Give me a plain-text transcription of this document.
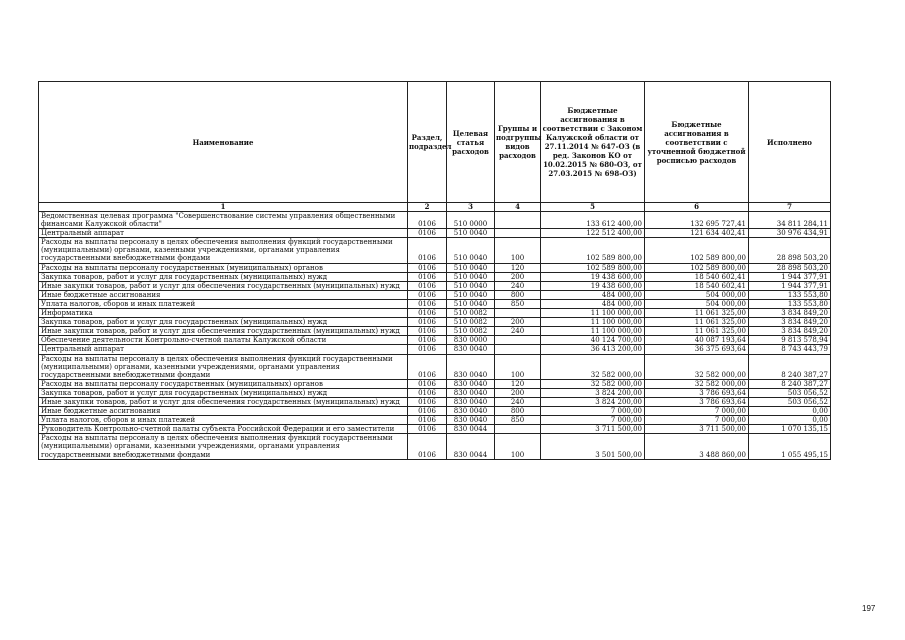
Наименование	Раздел, подраздел	Целевая статья расходов	Группы и подгруппы видов расходов	Бюджетные ассигнования в соответствии с Законом Калужской области от 27.11.2014 № 647-ОЗ (в ред. Законов КО от 10.02.2015 № 680-ОЗ, от 27.03.2015 № 698-ОЗ)	Бюджетные ассигнования в соответствии с уточненной бюджетной росписью расходов	Исполнено
1	2	3	4	5	6	7
Ведомственная целевая программа "Совершенствование системы управления общественными финансами Калужской области"	0106	510 0000		133 612 400,00	132 695 727,41	34 811 284,11
Центральный аппарат	0106	510 0040		122 512 400,00	121 634 402,41	30 976 434,91
Расходы на выплаты персоналу в целях обеспечения выполнения функций государственными (муниципальными) органами, казенными учреждениями, органами управления государственными внебюджетными фондами	0106	510 0040	100	102 589 800,00	102 589 800,00	28 898 503,20
Расходы на выплаты персоналу государственных (муниципальных) органов	0106	510 0040	120	102 589 800,00	102 589 800,00	28 898 503,20
Закупка товаров, работ и услуг для государственных (муниципальных) нужд	0106	510 0040	200	19 438 600,00	18 540 602,41	1 944 377,91
Иные закупки товаров, работ и услуг для обеспечения государственных (муниципальных) нужд	0106	510 0040	240	19 438 600,00	18 540 602,41	1 944 377,91
Иные бюджетные ассигнования	0106	510 0040	800	484 000,00	504 000,00	133 553,80
Уплата налогов, сборов и иных платежей	0106	510 0040	850	484 000,00	504 000,00	133 553,80
Информатика	0106	510 0082		11 100 000,00	11 061 325,00	3 834 849,20
Закупка товаров, работ и услуг для государственных (муниципальных) нужд	0106	510 0082	200	11 100 000,00	11 061 325,00	3 834 849,20
Иные закупки товаров, работ и услуг для обеспечения государственных (муниципальных) нужд	0106	510 0082	240	11 100 000,00	11 061 325,00	3 834 849,20
Обеспечение деятельности Контрольно-счетной палаты Калужской области	0106	830 0000		40 124 700,00	40 087 193,64	9 813 578,94
Центральный аппарат	0106	830 0040		36 413 200,00	36 375 693,64	8 743 443,79
Расходы на выплаты персоналу в целях обеспечения выполнения функций государственными (муниципальными) органами, казенными учреждениями, органами управления государственными внебюджетными фондами	0106	830 0040	100	32 582 000,00	32 582 000,00	8 240 387,27
Расходы на выплаты персоналу государственных (муниципальных) органов	0106	830 0040	120	32 582 000,00	32 582 000,00	8 240 387,27
Закупка товаров, работ и услуг для государственных (муниципальных) нужд	0106	830 0040	200	3 824 200,00	3 786 693,64	503 056,52
Иные закупки товаров, работ и услуг для обеспечения государственных (муниципальных) нужд	0106	830 0040	240	3 824 200,00	3 786 693,64	503 056,52
Иные бюджетные ассигнования	0106	830 0040	800	7 000,00	7 000,00	0,00
Уплата налогов, сборов и иных платежей	0106	830 0040	850	7 000,00	7 000,00	0,00
Руководитель Контрольно-счетной палаты субъекта Российской Федерации и его заместители	0106	830 0044		3 711 500,00	3 711 500,00	1 070 135,15
Расходы на выплаты персоналу в целях обеспечения выполнения функций государственными (муниципальными) органами, казенными учреждениями, органами управления государственными внебюджетными фондами	0106	830 0044	100	3 501 500,00	3 488 860,00	1 055 495,15
197
